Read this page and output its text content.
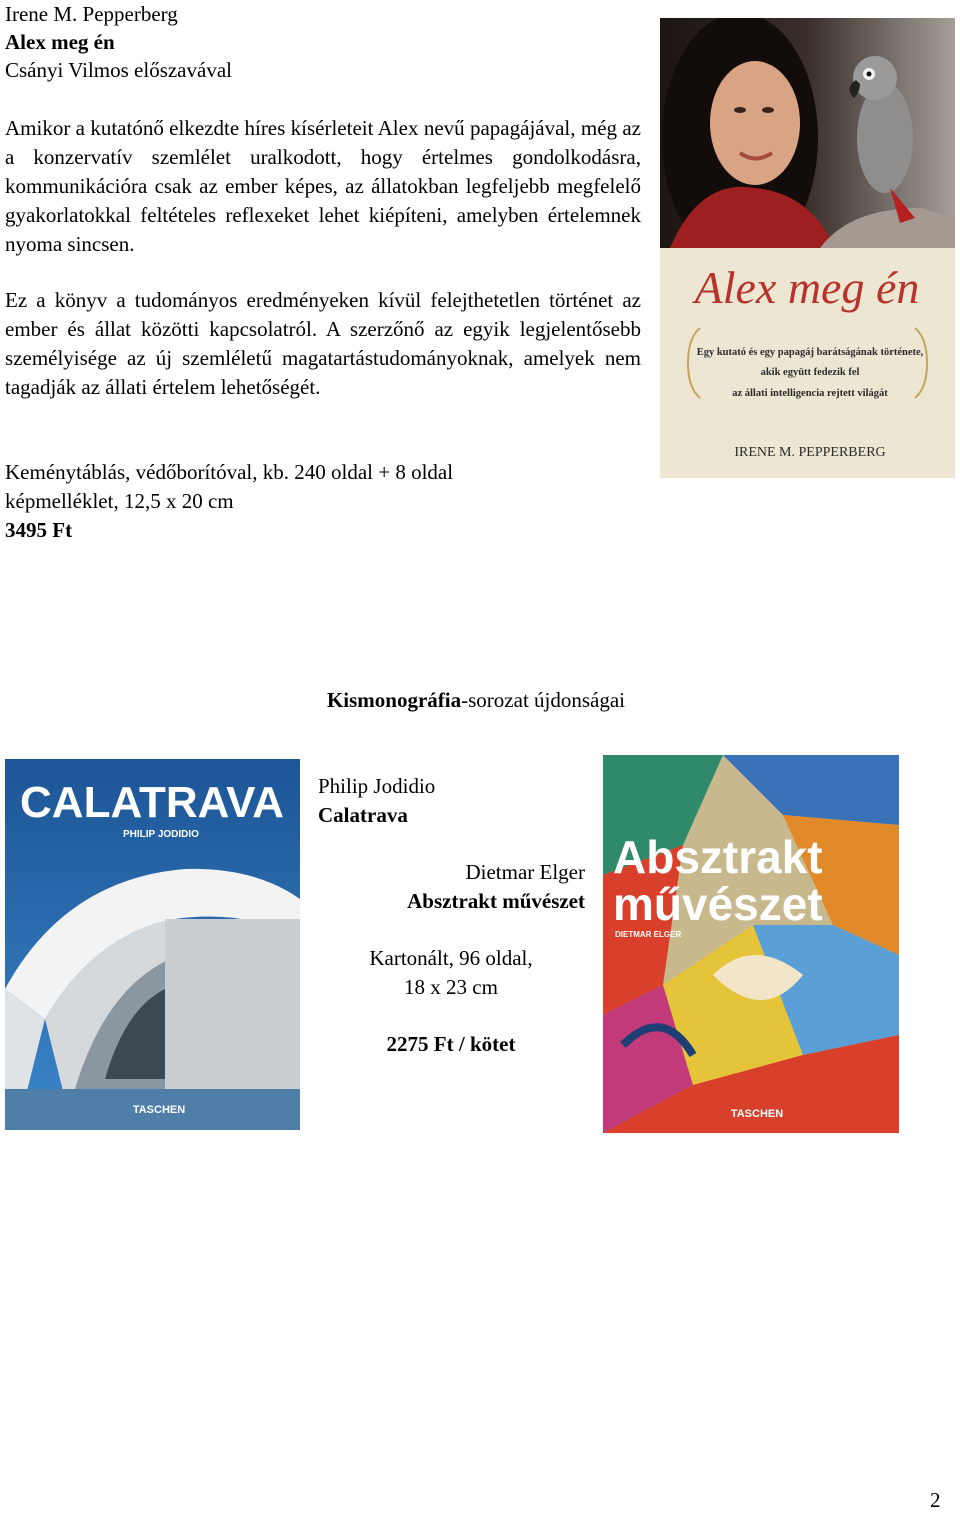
Irene M. Pepperberg
Alex meg én
Csányi Vilmos előszavával
Amikor a kutatónő elkezdte híres kísérleteit Alex nevű papagájával, még az a konzervatív szemlélet uralkodott, hogy értelmes gondolkodásra, kommunikációra csak az ember képes, az állatokban legfeljebb megfelelő gyakorlatokkal feltételes reflexeket lehet kiépíteni, amelyben értelemnek nyoma sincsen.
Ez a könyv a tudományos eredményeken kívül felejthetetlen történet az ember és állat közötti kapcsolatról. A szerzőnő az egyik legjelentősebb személyisége az új szemléletű magatartástudományoknak, amelyek nem tagadják az állati értelem lehetőségét.
Keménytáblás, védőborítóval, kb. 240 oldal + 8 oldal
képmelléklet, 12,5 x 20 cm
3495 Ft
Alex meg én
Egy kutató és egy papagáj barátságának története,
akik együtt fedezik fel
az állati intelligencia rejtett világát
IRENE M. PEPPERBERG
Kismonográfia-sorozat újdonságai
CALATRAVA
PHILIP JODIDIO
TASCHEN
Philip Jodidio
Calatrava
Dietmar Elger
Absztrakt művészet
Kartonált, 96 oldal,
18 x 23 cm
2275 Ft / kötet
Absztrakt
művészet
DIETMAR ELGER
TASCHEN
2
